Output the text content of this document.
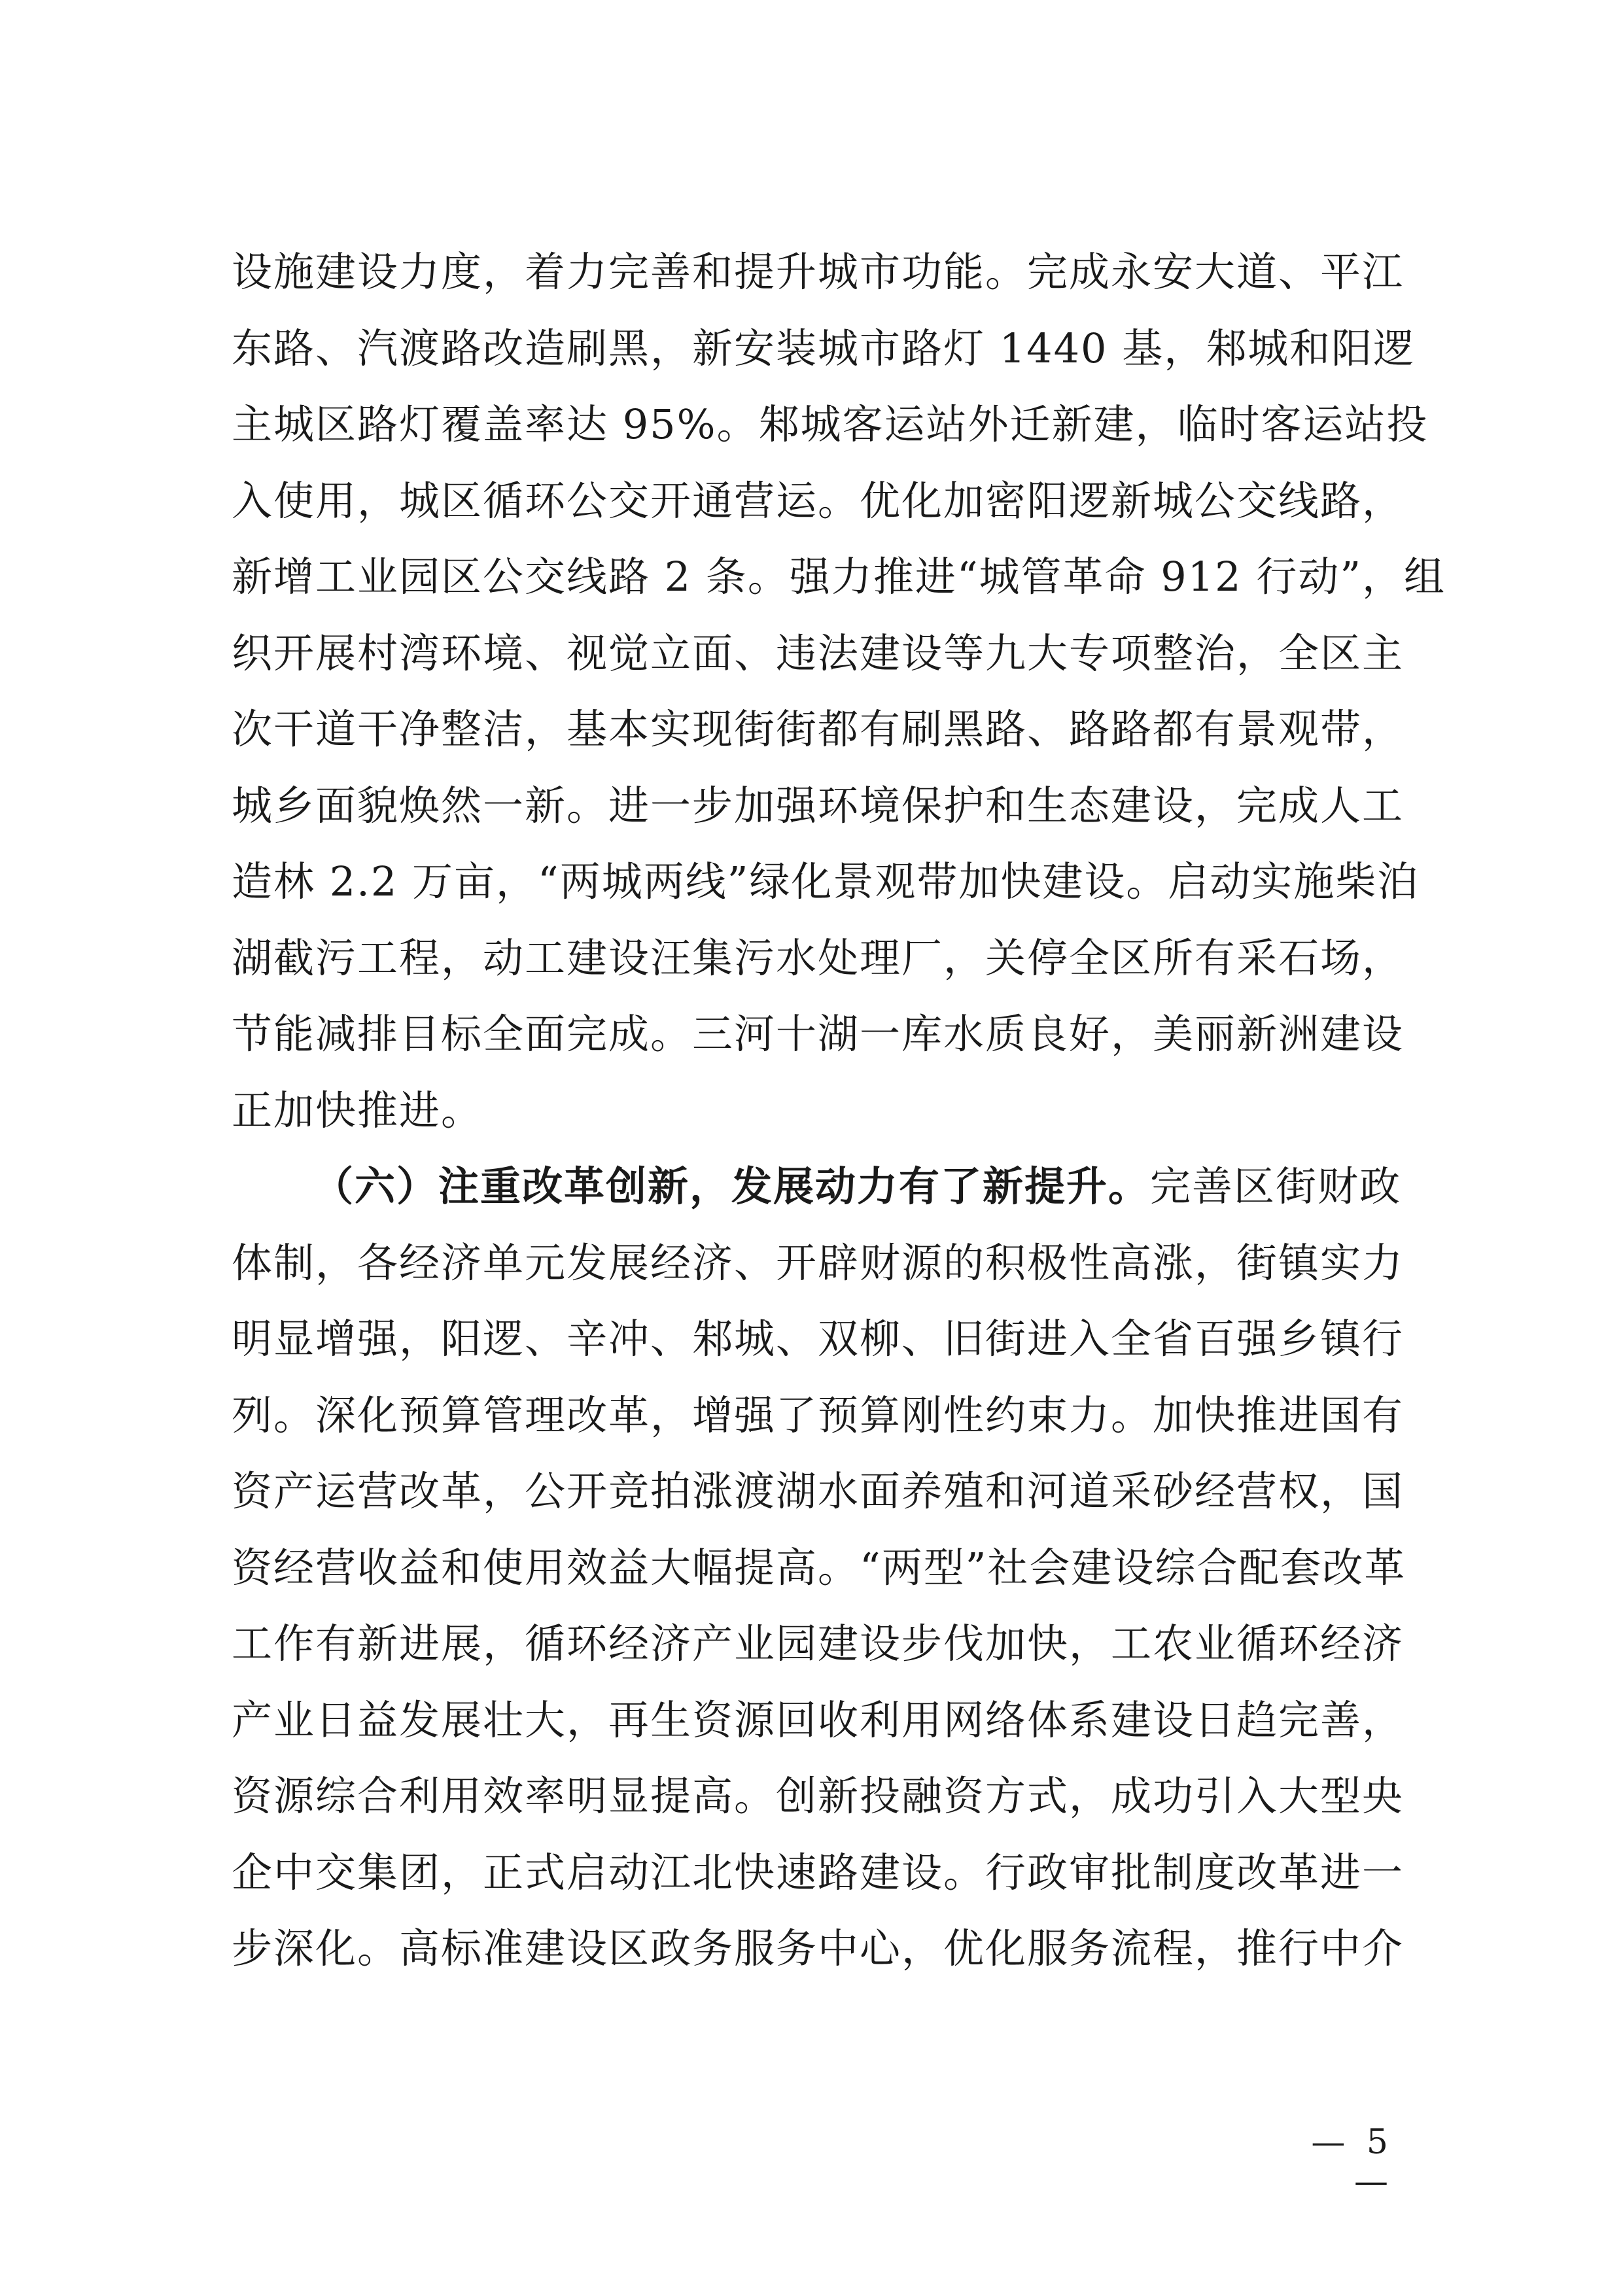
设施建设力度，着力完善和提升城市功能。完成永安大道、平江
东路、汽渡路改造刷黑，新安装城市路灯 1440 基，邾城和阳逻
主城区路灯覆盖率达 95%。邾城客运站外迁新建，临时客运站投
入使用，城区循环公交开通营运。优化加密阳逻新城公交线路，
新增工业园区公交线路 2 条。强力推进“城管革命 912 行动”，组
织开展村湾环境、视觉立面、违法建设等九大专项整治，全区主
次干道干净整洁，基本实现街街都有刷黑路、路路都有景观带，
城乡面貌焕然一新。进一步加强环境保护和生态建设，完成人工
造林 2.2 万亩，“两城两线”绿化景观带加快建设。启动实施柴泊
湖截污工程，动工建设汪集污水处理厂，关停全区所有采石场，
节能减排目标全面完成。三河十湖一库水质良好，美丽新洲建设
正加快推进。
（六）注重改革创新，发展动力有了新提升。完善区街财政
体制，各经济单元发展经济、开辟财源的积极性高涨，街镇实力
明显增强，阳逻、辛冲、邾城、双柳、旧街进入全省百强乡镇行
列。深化预算管理改革，增强了预算刚性约束力。加快推进国有
资产运营改革，公开竞拍涨渡湖水面养殖和河道采砂经营权，国
资经营收益和使用效益大幅提高。“两型”社会建设综合配套改革
工作有新进展，循环经济产业园建设步伐加快，工农业循环经济
产业日益发展壮大，再生资源回收利用网络体系建设日趋完善，
资源综合利用效率明显提高。创新投融资方式，成功引入大型央
企中交集团，正式启动江北快速路建设。行政审批制度改革进一
步深化。高标准建设区政务服务中心，优化服务流程，推行中介
— 5 —
